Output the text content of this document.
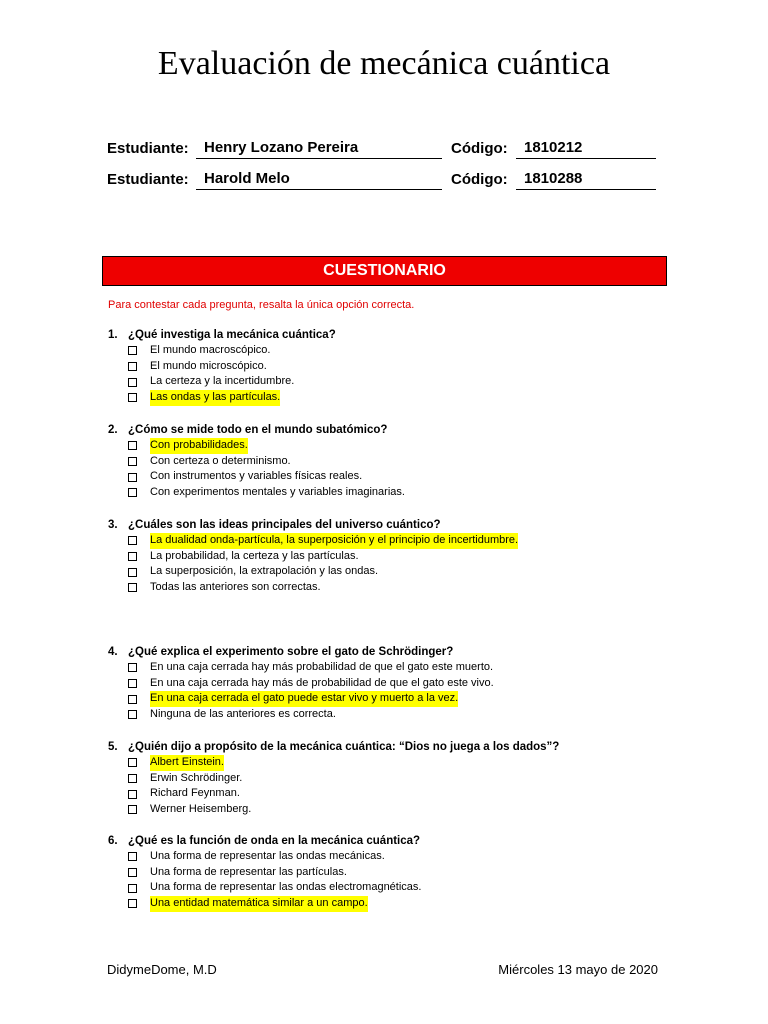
Evaluación de mecánica cuántica
Estudiante:	Henry Lozano Pereira	Código:	1810212
Estudiante:	Harold Melo	Código:	1810288
CUESTIONARIO
Para contestar cada pregunta, resalta la única opción correcta.
1. ¿Qué investiga la mecánica cuántica?
El mundo macroscópico.
El mundo microscópico.
La certeza y la incertidumbre.
Las ondas y las partículas.
2. ¿Cómo se mide todo en el mundo subatómico?
Con probabilidades.
Con certeza o determinismo.
Con instrumentos y variables físicas reales.
Con experimentos mentales y variables imaginarias.
3. ¿Cuáles son las ideas principales del universo cuántico?
La dualidad onda-partícula, la superposición y el principio de incertidumbre.
La probabilidad, la certeza y las partículas.
La superposición, la extrapolación y las ondas.
Todas las anteriores son correctas.
4. ¿Qué explica el experimento sobre el gato de Schrödinger?
En una caja cerrada hay más probabilidad de que el gato este muerto.
En una caja cerrada hay más de probabilidad de que el gato este vivo.
En una caja cerrada el gato puede estar vivo y muerto a la vez.
Ninguna de las anteriores es correcta.
5. ¿Quién dijo a propósito de la mecánica cuántica: “Dios no juega a los dados”?
Albert Einstein.
Erwin Schrödinger.
Richard Feynman.
Werner Heisemberg.
6. ¿Qué es la función de onda en la mecánica cuántica?
Una forma de representar las ondas mecánicas.
Una forma de representar las partículas.
Una forma de representar las ondas electromagnéticas.
Una entidad matemática similar a un campo.
DidymeDome, M.D	Miércoles 13 mayo de 2020
